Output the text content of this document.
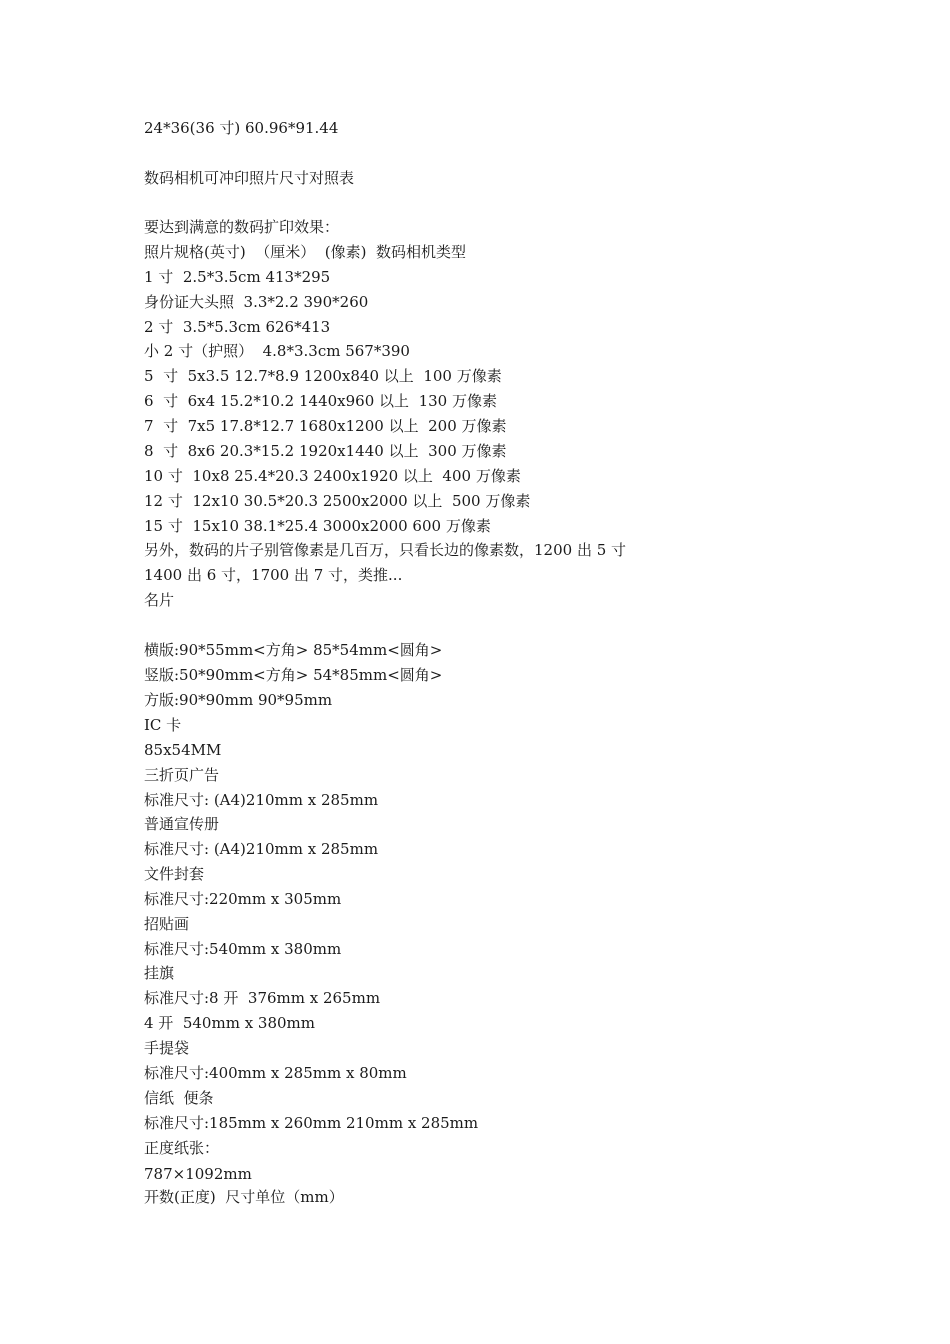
24*36(36 寸) 60.96*91.44
数码相机可冲印照片尺寸对照表
要达到满意的数码扩印效果：
照片规格(英寸)  （厘米）  (像素)  数码相机类型
1 寸  2.5*3.5cm 413*295
身份证大头照  3.3*2.2 390*260
2 寸  3.5*5.3cm 626*413
小 2 寸（护照）  4.8*3.3cm 567*390
5  寸  5x3.5 12.7*8.9 1200x840 以上  100 万像素
6  寸  6x4 15.2*10.2 1440x960 以上  130 万像素
7  寸  7x5 17.8*12.7 1680x1200 以上  200 万像素
8  寸  8x6 20.3*15.2 1920x1440 以上  300 万像素
10 寸  10x8 25.4*20.3 2400x1920 以上  400 万像素
12 寸  12x10 30.5*20.3 2500x2000 以上  500 万像素
15 寸  15x10 38.1*25.4 3000x2000 600 万像素
另外，数码的片子别管像素是几百万，只看长边的像素数，1200 出 5 寸
1400 出 6 寸，1700 出 7 寸，类推...
名片
横版:90*55mm<方角> 85*54mm<圆角>
竖版:50*90mm<方角> 54*85mm<圆角>
方版:90*90mm 90*95mm
IC 卡
85x54MM
三折页广告
标准尺寸: (A4)210mm x 285mm
普通宣传册
标准尺寸: (A4)210mm x 285mm
文件封套
标准尺寸:220mm x 305mm
招贴画
标准尺寸:540mm x 380mm
挂旗
标准尺寸:8 开  376mm x 265mm
4 开  540mm x 380mm
手提袋
标准尺寸:400mm x 285mm x 80mm
信纸  便条
标准尺寸:185mm x 260mm 210mm x 285mm
正度纸张：
787×1092mm
开数(正度)  尺寸单位（mm）
